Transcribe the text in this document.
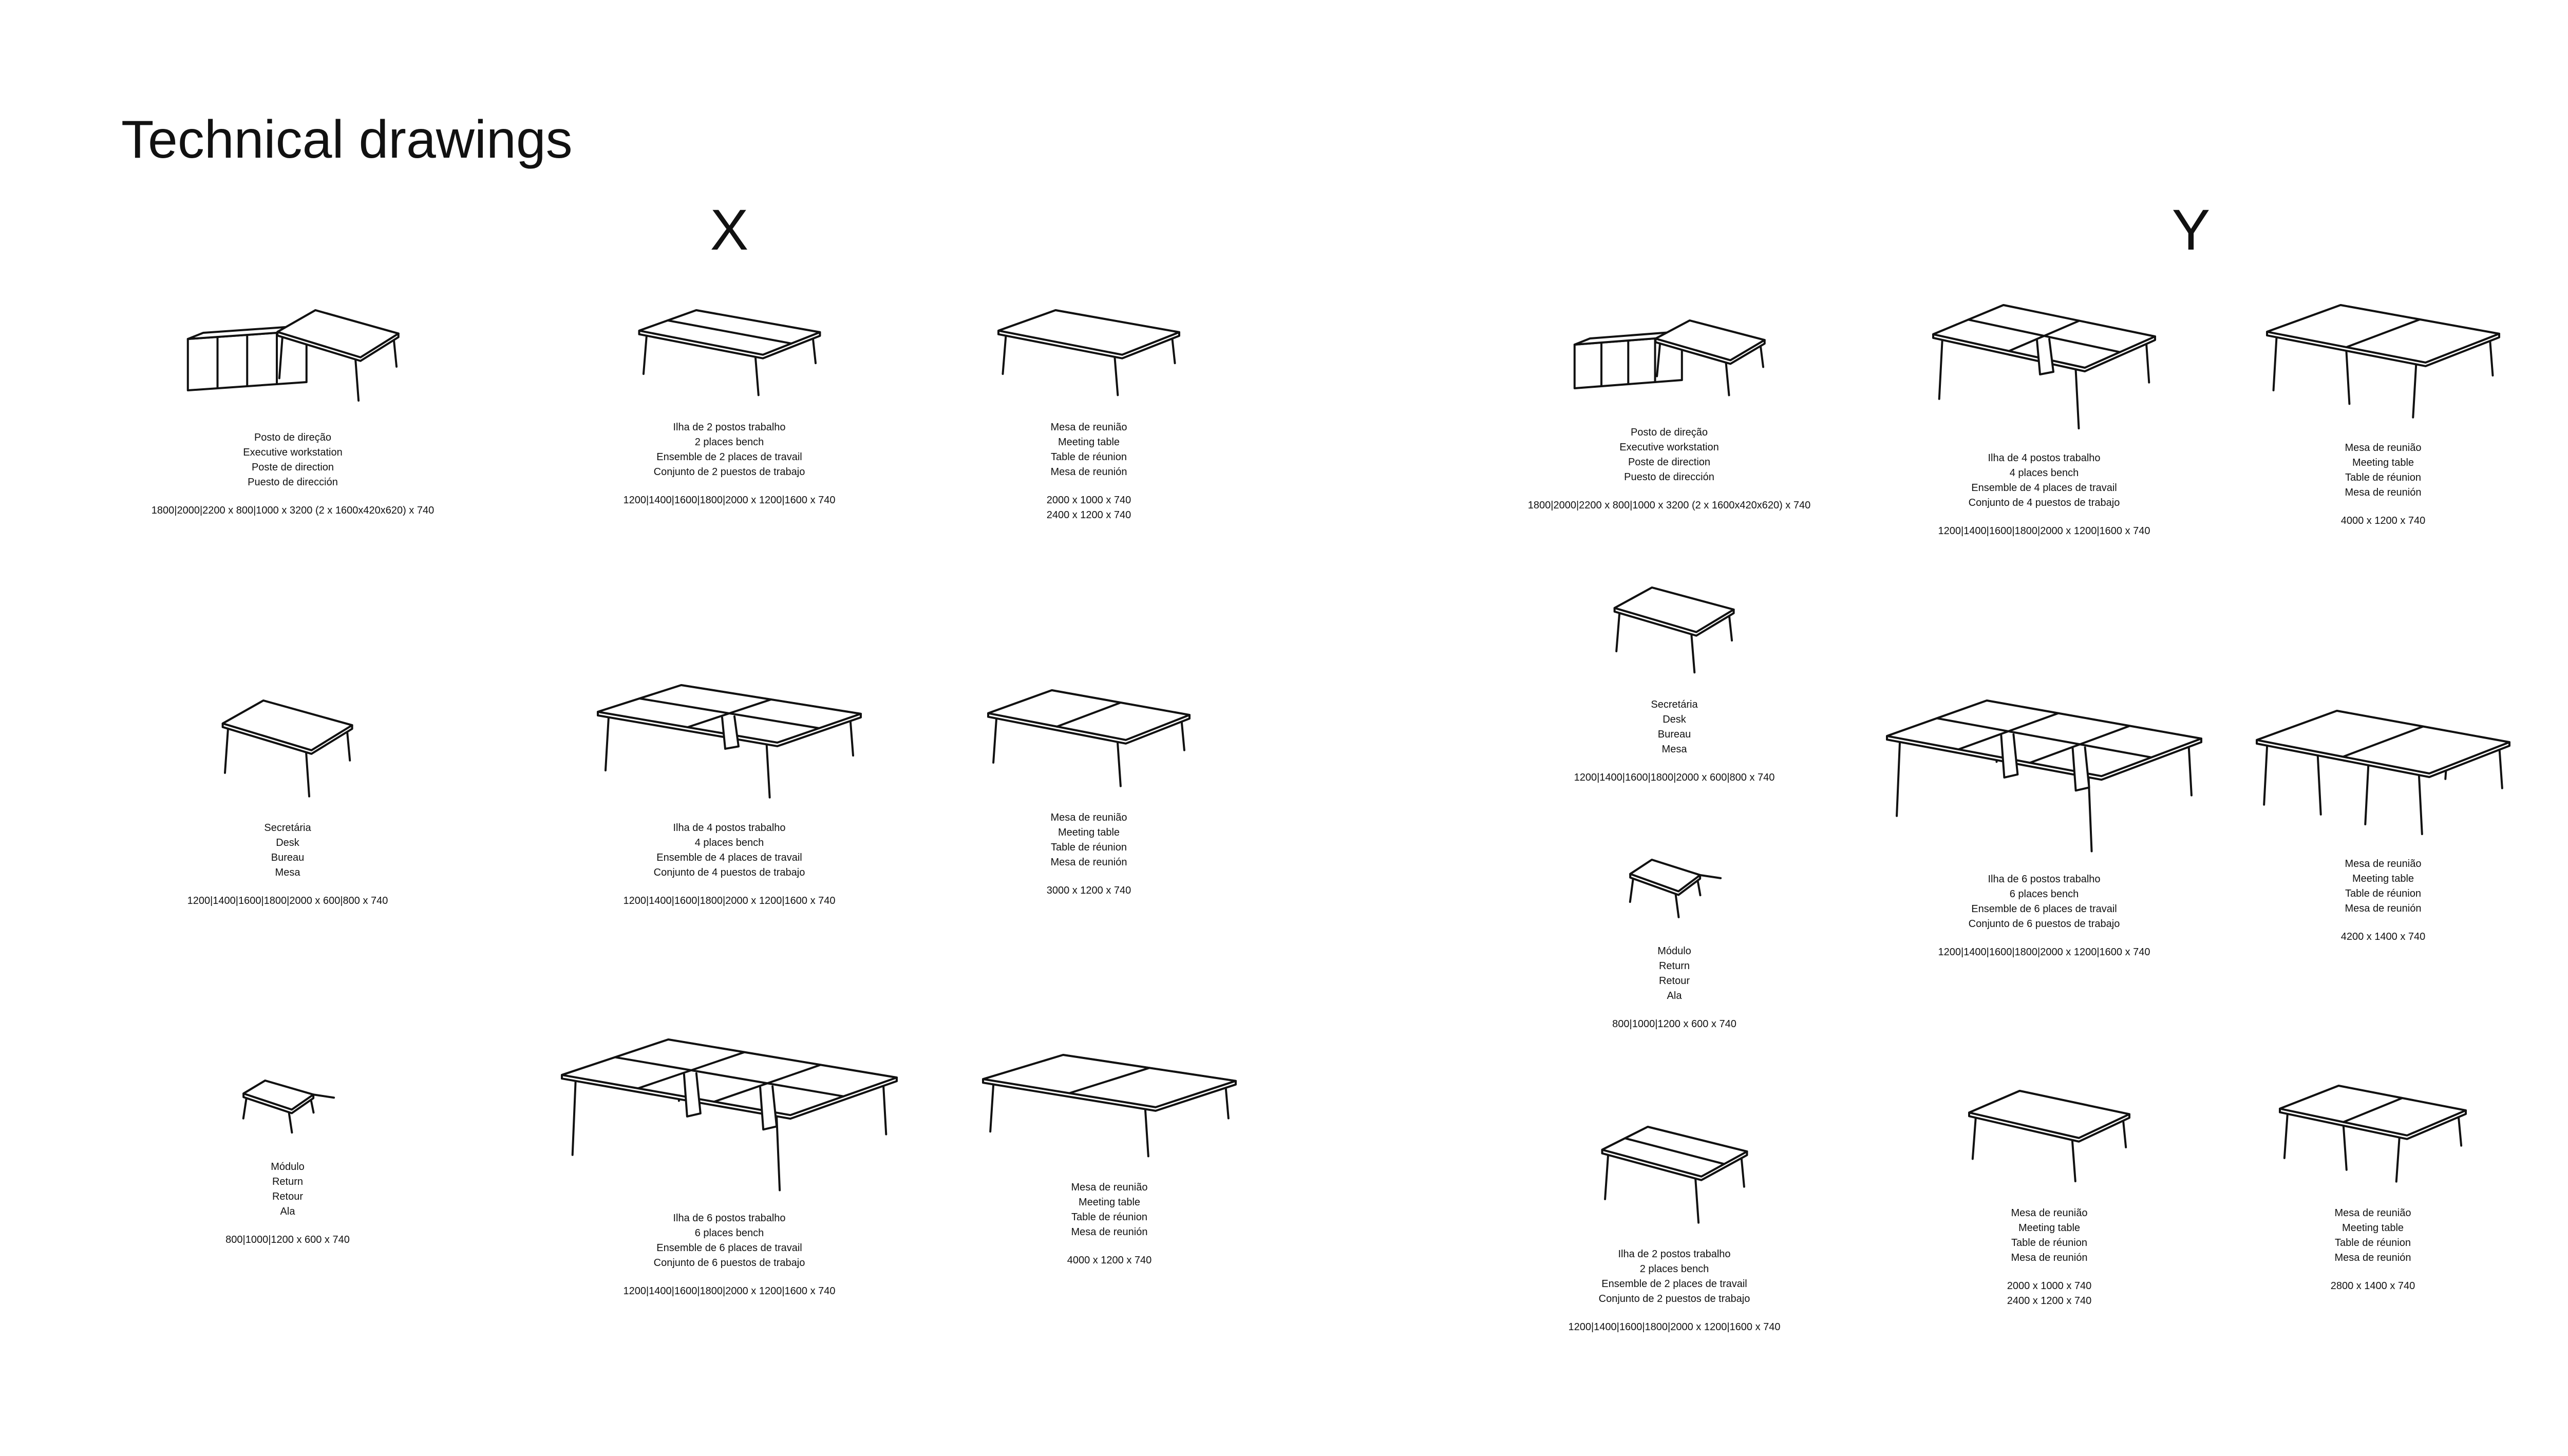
Technical drawings
X	Y
Posto de direção
Executive workstation
Poste de direction
Puesto de dirección
1800|2000|2200 x 800|1000 x 3200 (2 x 1600x420x620) x 740
Ilha de 2 postos trabalho
2 places bench
Ensemble de 2 places de travail
Conjunto de 2 puestos de trabajo
1200|1400|1600|1800|2000 x 1200|1600 x 740
Mesa de reunião
Meeting table
Table de réunion
Mesa de reunión
2000 x 1000 x 740
2400 x 1200 x 740
Secretária
Desk
Bureau
Mesa
1200|1400|1600|1800|2000 x 600|800 x 740
Ilha de 4 postos trabalho
4 places bench
Ensemble de 4 places de travail
Conjunto de 4 puestos de trabajo
1200|1400|1600|1800|2000 x 1200|1600 x 740
Mesa de reunião
Meeting table
Table de réunion
Mesa de reunión
3000 x 1200 x 740
Módulo
Return
Retour
Ala
800|1000|1200 x 600 x 740
Ilha de 6 postos trabalho
6 places bench
Ensemble de 6 places de travail
Conjunto de 6 puestos de trabajo
1200|1400|1600|1800|2000 x 1200|1600 x 740
Mesa de reunião
Meeting table
Table de réunion
Mesa de reunión
4000 x 1200 x 740
Posto de direção
Executive workstation
Poste de direction
Puesto de dirección
1800|2000|2200 x 800|1000 x 3200 (2 x 1600x420x620) x 740
Ilha de 4 postos trabalho
4 places bench
Ensemble de 4 places de travail
Conjunto de 4 puestos de trabajo
1200|1400|1600|1800|2000 x 1200|1600 x 740
Mesa de reunião
Meeting table
Table de réunion
Mesa de reunión
4000 x 1200 x 740
Secretária
Desk
Bureau
Mesa
1200|1400|1600|1800|2000 x 600|800 x 740
Ilha de 6 postos trabalho
6 places bench
Ensemble de 6 places de travail
Conjunto de 6 puestos de trabajo
1200|1400|1600|1800|2000 x 1200|1600 x 740
Mesa de reunião
Meeting table
Table de réunion
Mesa de reunión
4200 x 1400 x 740
Módulo
Return
Retour
Ala
800|1000|1200 x 600 x 740
Ilha de 2 postos trabalho
2 places bench
Ensemble de 2 places de travail
Conjunto de 2 puestos de trabajo
1200|1400|1600|1800|2000 x 1200|1600 x 740
Mesa de reunião
Meeting table
Table de réunion
Mesa de reunión
2000 x 1000 x 740
2400 x 1200 x 740
Mesa de reunião
Meeting table
Table de réunion
Mesa de reunión
2800 x 1400 x 740
